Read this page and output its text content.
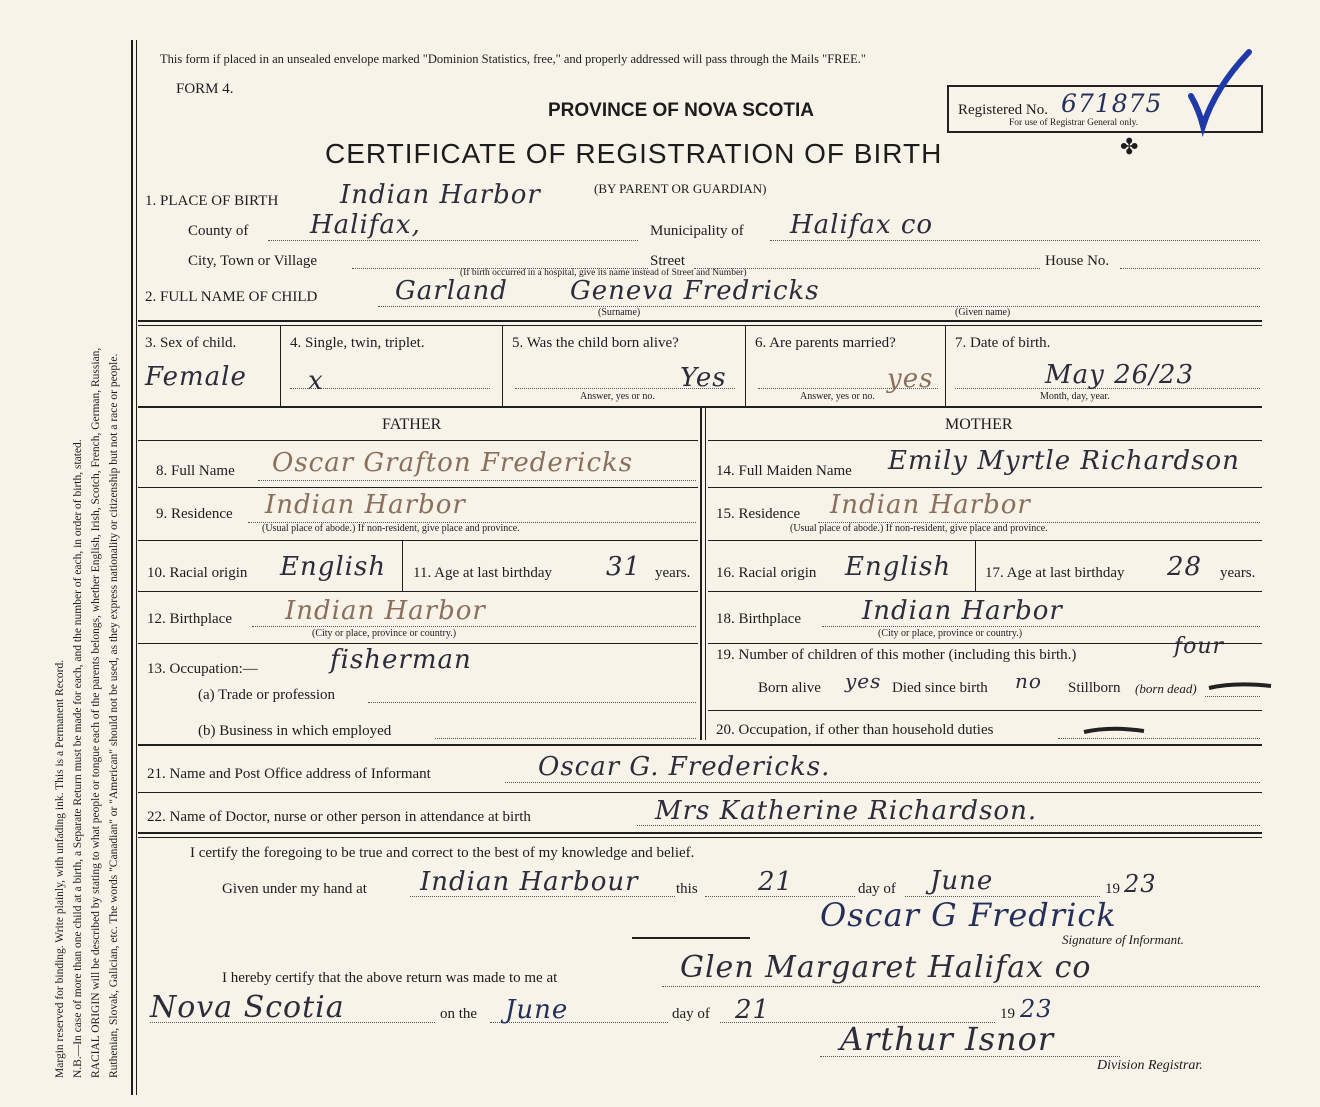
Margin reserved for binding. Write plainly, with unfading ink. This is a Permanent Record. N.B.—In case of more than one child at a birth, a Separate Return must be made for each, and the number of each, in order of birth, stated. RACIAL ORIGIN will be described by stating to what people or tongue each of the parents belongs, whether English, Irish, Scotch, French, German, Russian, Ruthenian, Slovak, Galician, etc. The words "Canadian" or "American" should not be used, as they express nationality or citizenship but not a race or people.
This form if placed in an unsealed envelope marked "Dominion Statistics, free," and properly addressed will pass through the Mails "FREE."
FORM 4.
PROVINCE OF NOVA SCOTIA
CERTIFICATE OF REGISTRATION OF BIRTH	✤
Registered No. 671875
For use of Registrar General only.
1. PLACE OF BIRTH Indian Harbor	(BY PARENT OR GUARDIAN)
County of Halifax,	Municipality of Halifax co
City, Town or Village	Street	House No.
(If birth occurred in a hospital, give its name instead of Street and Number)
2. FULL NAME OF CHILD	Garland Geneva Fredricks
(Surname)	(Given name)
3. Sex of child.
Female
4. Single, twin, triplet.
x
5. Was the child born alive?
Yes
Answer, yes or no.
6. Are parents married?
yes
Answer, yes or no.
7. Date of birth.
May 26/23
Month, day, year.
FATHER	MOTHER
8. Full Name Oscar Grafton Fredericks
9. Residence Indian Harbor
(Usual place of abode.) If non-resident, give place and province.
10. Racial origin English 11. Age at last birthday 31 years.
12. Birthplace Indian Harbor
(City or place, province or country.)
13. Occupation:—	fisherman
(a) Trade or profession
(b) Business in which employed
14. Full Maiden Name Emily Myrtle Richardson
15. Residence Indian Harbor
(Usual place of abode.) If non-resident, give place and province.
16. Racial origin English 17. Age at last birthday 28 years.
18. Birthplace Indian Harbor
(City or place, province or country.)
19. Number of children of this mother (including this birth.)	four
Born alive yes Died since birth no Stillborn (born dead)
20. Occupation, if other than household duties
21. Name and Post Office address of Informant	Oscar G. Fredericks.
22. Name of Doctor, nurse or other person in attendance at birth	Mrs Katherine Richardson.
I certify the foregoing to be true and correct to the best of my knowledge and belief.
Given under my hand at Indian Harbour this 21	day of June	19 23
Oscar G Fredrick
Signature of Informant.
I hereby certify that the above return was made to me at	Glen Margaret Halifax co
Nova Scotia	on the June	day of 21	19 23
Arthur Isnor
Division Registrar.
